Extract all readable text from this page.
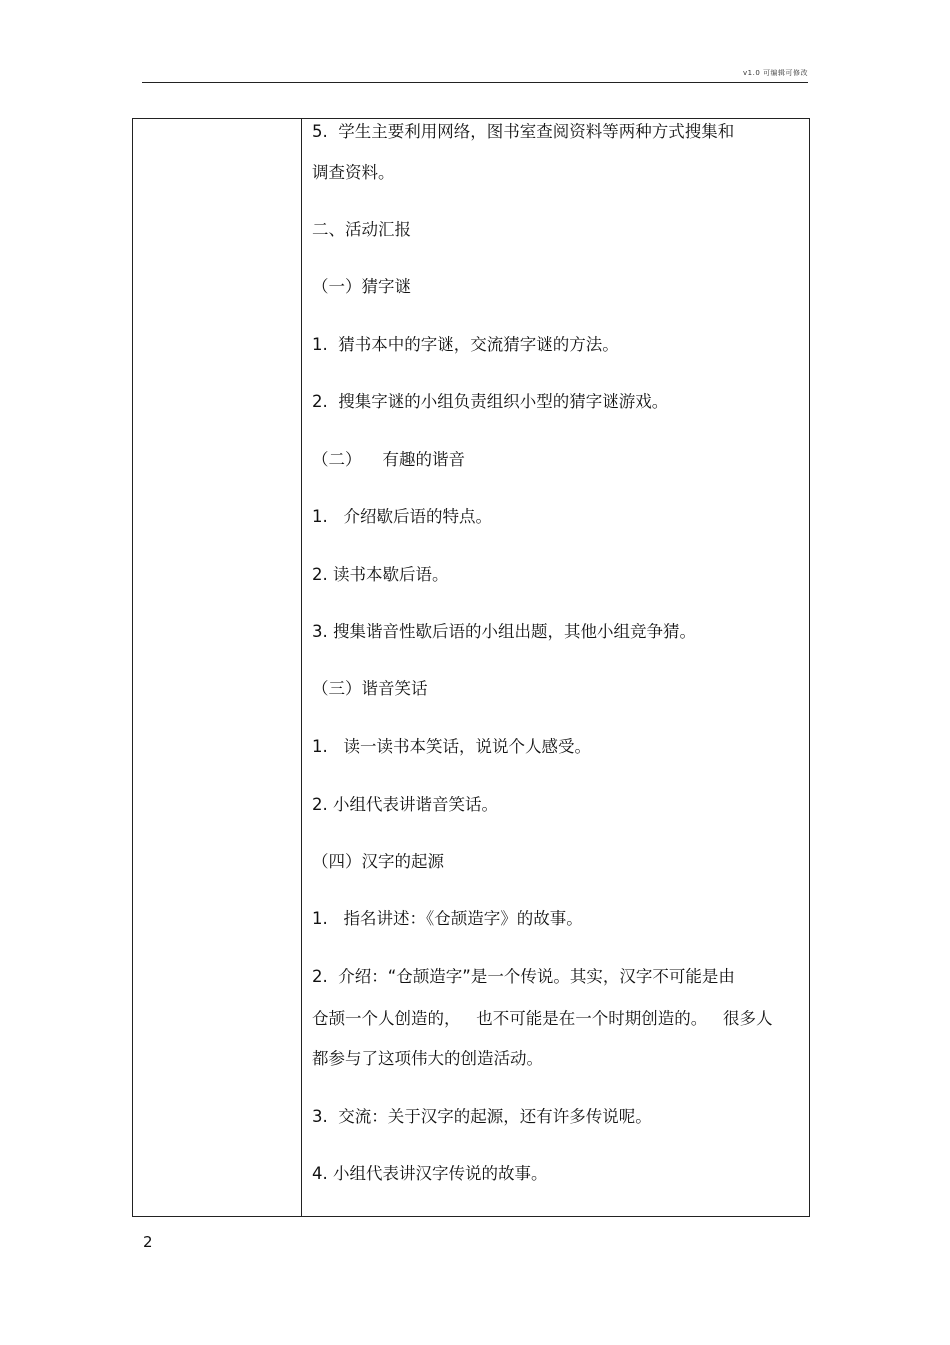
v1.0 可编辑可修改
5.  学生主要利用网络，图书室查阅资料等两种方式搜集和
调查资料。
二、活动汇报
（一）猜字谜
1.  猜书本中的字谜，交流猜字谜的方法。
2.  搜集字谜的小组负责组织小型的猜字谜游戏。
（二）    有趣的谐音
1.   介绍歇后语的特点。
2. 读书本歇后语。
3. 搜集谐音性歇后语的小组出题，其他小组竞争猜。
（三）谐音笑话
1.   读一读书本笑话，说说个人感受。
2. 小组代表讲谐音笑话。
（四）汉字的起源
1.   指名讲述：《仓颉造字》的故事。
2.  介绍：“仓颉造字”是一个传说。其实，汉字不可能是由
仓颉一个人创造的，   也不可能是在一个时期创造的。   很多人
都参与了这项伟大的创造活动。
3.  交流：关于汉字的起源，还有许多传说呢。
4. 小组代表讲汉字传说的故事。
2
